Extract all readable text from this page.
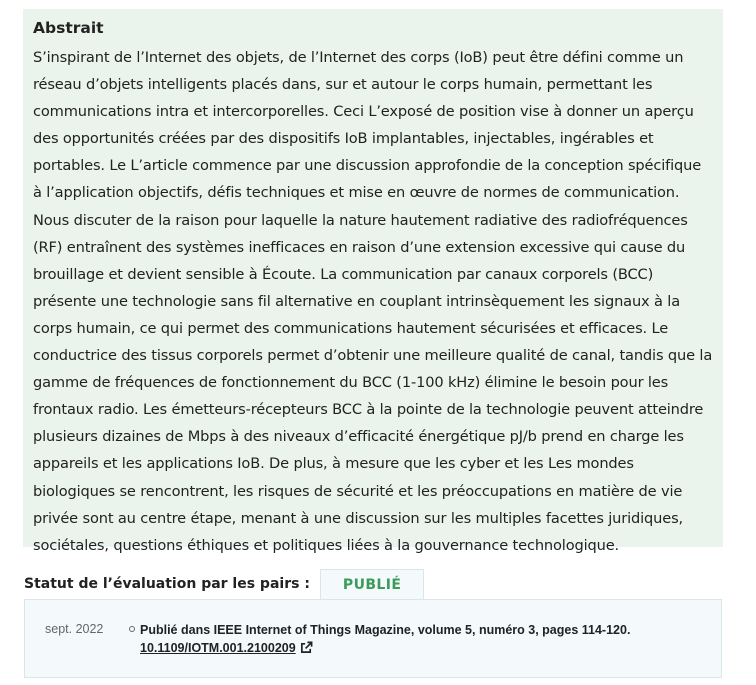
Abstrait

S’inspirant de l’Internet des objets, de l’Internet des corps (IoB) peut être défini comme un réseau d’objets intelligents placés dans, sur et autour le corps humain, permettant les communications intra et intercorporelles. Ceci L’exposé de position vise à donner un aperçu des opportunités créées par des dispositifs IoB implantables, injectables, ingérables et portables. Le L’article commence par une discussion approfondie de la conception spécifique à l’application objectifs, défis techniques et mise en œuvre de normes de communication. Nous discuter de la raison pour laquelle la nature hautement radiative des radiofréquences (RF) entraînent des systèmes inefficaces en raison d’une extension excessive qui cause du brouillage et devient sensible à Écoute. La communication par canaux corporels (BCC) présente une technologie sans fil alternative en couplant intrinsèquement les signaux à la corps humain, ce qui permet des communications hautement sécurisées et efficaces. Le conductrice des tissus corporels permet d’obtenir une meilleure qualité de canal, tandis que la gamme de fréquences de fonctionnement du BCC (1-100 kHz) élimine le besoin pour les frontaux radio. Les émetteurs-récepteurs BCC à la pointe de la technologie peuvent atteindre plusieurs dizaines de Mbps à des niveaux d’efficacité énergétique pJ/b prend en charge les appareils et les applications IoB. De plus, à mesure que les cyber et les Les mondes biologiques se rencontrent, les risques de sécurité et les préoccupations en matière de vie privée sont au centre étape, menant à une discussion sur les multiples facettes juridiques, sociétales, questions éthiques et politiques liées à la gouvernance technologique.

Statut de l’évaluation par les pairs :	PUBLIÉ
sept. 2022	Publié dans IEEE Internet of Things Magazine, volume 5, numéro 3, pages 114-120.
10.1109/IOTM.001.2100209
